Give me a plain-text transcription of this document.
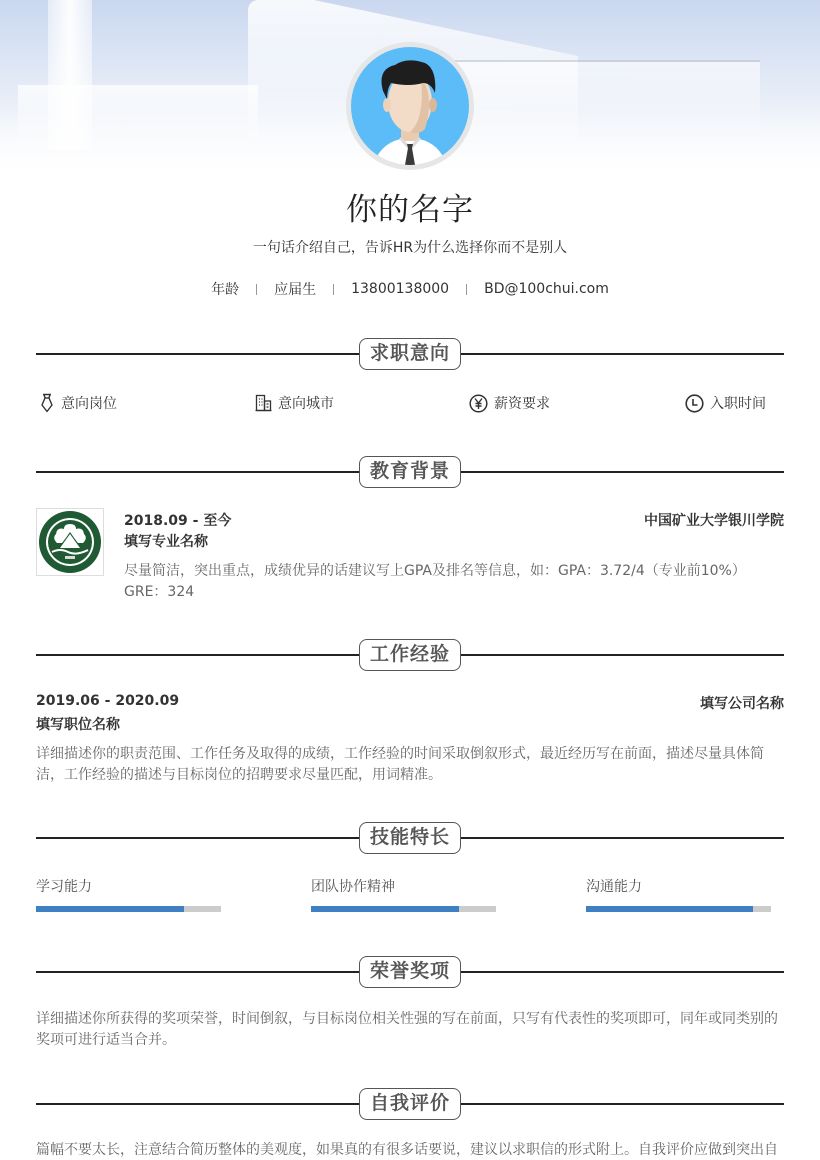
你的名字
一句话介绍自己，告诉HR为什么选择你而不是别人
年龄	应届生	13800138000	BD@100chui.com
求职意向
意向岗位	意向城市	薪资要求	入职时间
教育背景
2018.09 - 至今
填写专业名称
中国矿业大学银川学院
尽量简洁，突出重点，成绩优异的话建议写上GPA及排名等信息，如：GPA：3.72/4（专业前10%） GRE：324
工作经验
2019.06 - 2020.09
填写职位名称
填写公司名称
详细描述你的职责范围、工作任务及取得的成绩，工作经验的时间采取倒叙形式，最近经历写在前面，描述尽量具体简洁，工作经验的描述与目标岗位的招聘要求尽量匹配，用词精准。
技能特长
学习能力	团队协作精神	沟通能力
荣誉奖项
详细描述你所获得的奖项荣誉，时间倒叙，与目标岗位相关性强的写在前面，只写有代表性的奖项即可，同年或同类别的奖项可进行适当合并。
自我评价
篇幅不要太长，注意结合简历整体的美观度，如果真的有很多话要说，建议以求职信的形式附上。自我评价应做到突出自
